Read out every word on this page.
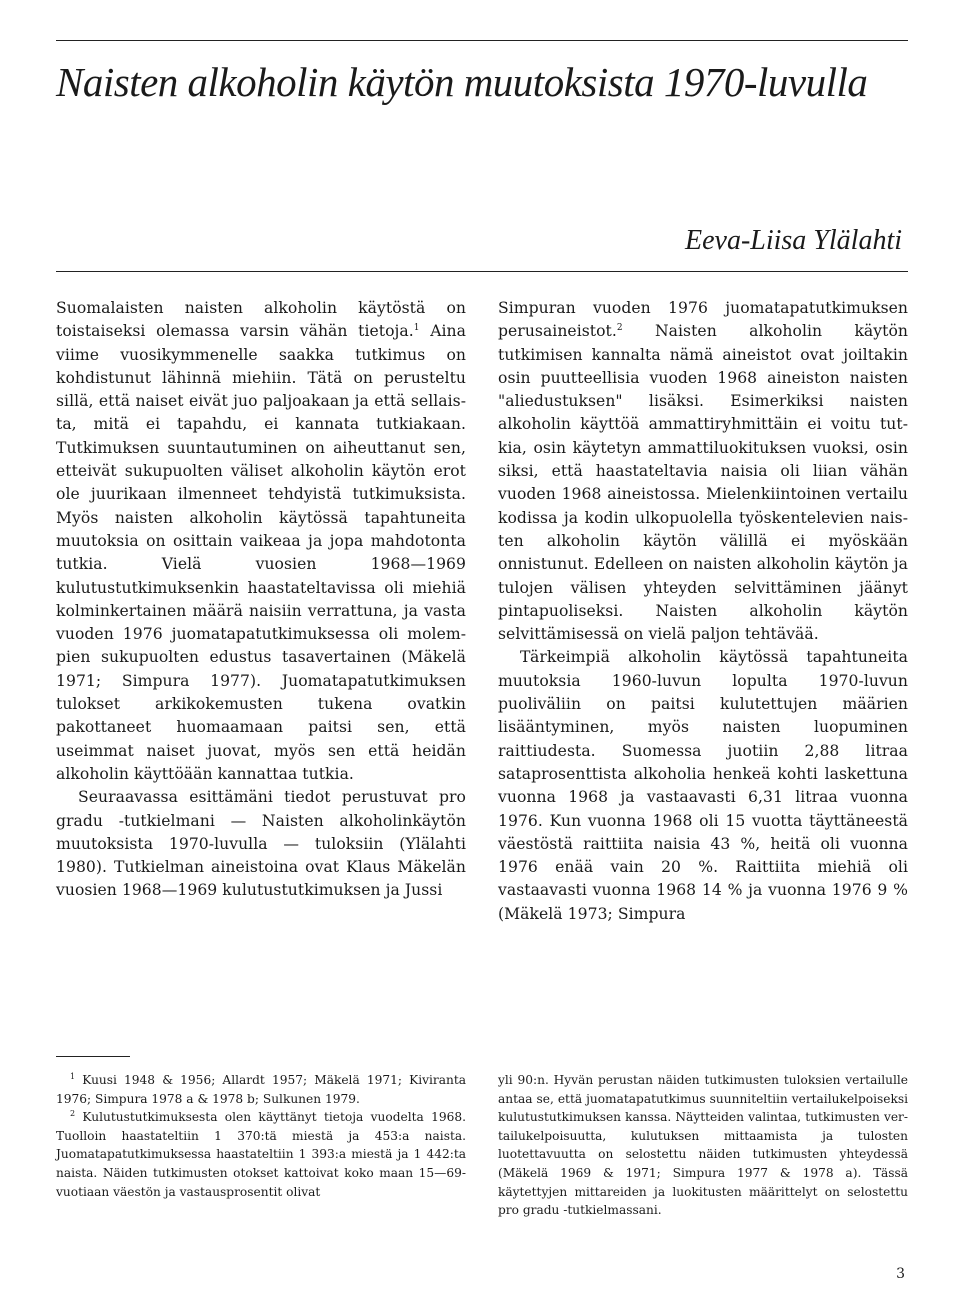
Naisten alkoholin käytön muutoksista 1970-luvulla
Eeva-Liisa Ylälahti

Suomalaisten naisten alkoholin käytöstä on toistaiseksi olemassa varsin vähän tietoja.$^1$ Aina viime vuosikymmenelle saakka tutkimus on kohdistunut lähinnä miehiin. Tätä on perusteltu sillä, että naiset eivät juo paljoakaan ja että sellaista, mitä ei tapahdu, ei kannata tutkiakaan. Tutkimuksen suuntautuminen on aiheuttanut sen, etteivät sukupuolten väliset alkoholin käytön erot ole juurikaan ilmenneet tehdyistä tutkimuksista. Myös naisten alkoholin käytössä tapahtuneita muutoksia on osittain vaikeaa ja jopa mahdotonta tutkia. Vielä vuosien 1968—1969 kulutustutkimuksenkin haastateltavissa oli miehiä kolminkertainen määrä naisiin verrattuna, ja vasta vuoden 1976 juomatapatutkimuksessa oli molempien sukupuolten edustus tasavertainen (Mäkelä 1971; Simpura 1977). Juomatapatutkimuksen tulokset arkikokemusten tukena ovatkin pakottaneet huomaamaan paitsi sen, että useimmat naiset juovat, myös sen että heidän alkoholin käyttöään kannattaa tutkia.

Seuraavassa esittämäni tiedot perustuvat pro gradu -tutkielmani — Naisten alkoholinkäytön muutoksista 1970-luvulla — tuloksiin (Ylälahti 1980). Tutkielman aineistoina ovat Klaus Mäkelän vuosien 1968—1969 kulutustutkimuksen ja Jussi

Simpuran vuoden 1976 juomatapatutkimuksen perusaineistot.$^2$ Naisten alkoholin käytön tutkimisen kannalta nämä aineistot ovat joiltakin osin puutteellisia vuoden 1968 aineiston naisten "aliedustuksen" lisäksi. Esimerkiksi naisten alkoholin käyttöä ammattiryhmittäin ei voitu tutkia, osin käytetyn ammattiluokituksen vuoksi, osin siksi, että haastateltavia naisia oli liian vähän vuoden 1968 aineistossa. Mielenkiintoinen vertailu kodissa ja kodin ulkopuolella työskentelevien naisten alkoholin käytön välillä ei myöskään onnistunut. Edelleen on naisten alkoholin käytön ja tulojen välisen yhteyden selvittäminen jäänyt pintapuoliseksi. Naisten alkoholin käytön selvittämisessä on vielä paljon tehtävää.

Tärkeimpiä alkoholin käytössä tapahtuneita muutoksia 1960-luvun lopulta 1970-luvun puoliväliin on paitsi kulutettujen määrien lisääntyminen, myös naisten luopuminen raittiudesta. Suomessa juotiin 2,88 litraa sataprosenttista alkoholia henkeä kohti laskettuna vuonna 1968 ja vastaavasti 6,31 litraa vuonna 1976. Kun vuonna 1968 oli 15 vuotta täyttäneestä väestöstä raittiita naisia 43 %, heitä oli vuonna 1976 enää vain 20 %. Raittiita miehiä oli vastaavasti vuonna 1968 14 % ja vuonna 1976 9 % (Mäkelä 1973; Simpura

$^1$ Kuusi 1948 & 1956; Allardt 1957; Mäkelä 1971; Kiviranta 1976; Simpura 1978 a & 1978 b; Sulkunen 1979.

$^2$ Kulutustutkimuksesta olen käyttänyt tietoja vuodelta 1968. Tuolloin haastateltiin 1 370:tä miestä ja 453:a naista. Juomatapatutkimuksessa haastateltiin 1 393:a miestä ja 1 442:ta naista. Näiden tutkimusten otokset kattoivat koko maan 15—69-vuotiaan väestön ja vastausprosentit olivat

yli 90:n. Hyvän perustan näiden tutkimusten tuloksien vertailulle antaa se, että juomatapatutkimus suunniteltiin vertailukelpoiseksi kulutustutkimuksen kanssa. Näytteiden valintaa, tutkimusten vertailukelpoisuutta, kulutuksen mittaamista ja tulosten luotettavuutta on selostettu näiden tutkimusten yhteydessä (Mäkelä 1969 & 1971; Simpura 1977 & 1978 a). Tässä käytettyjen mittareiden ja luokitusten määrittelyt on selostettu pro gradu -tutkielmassani.

3
